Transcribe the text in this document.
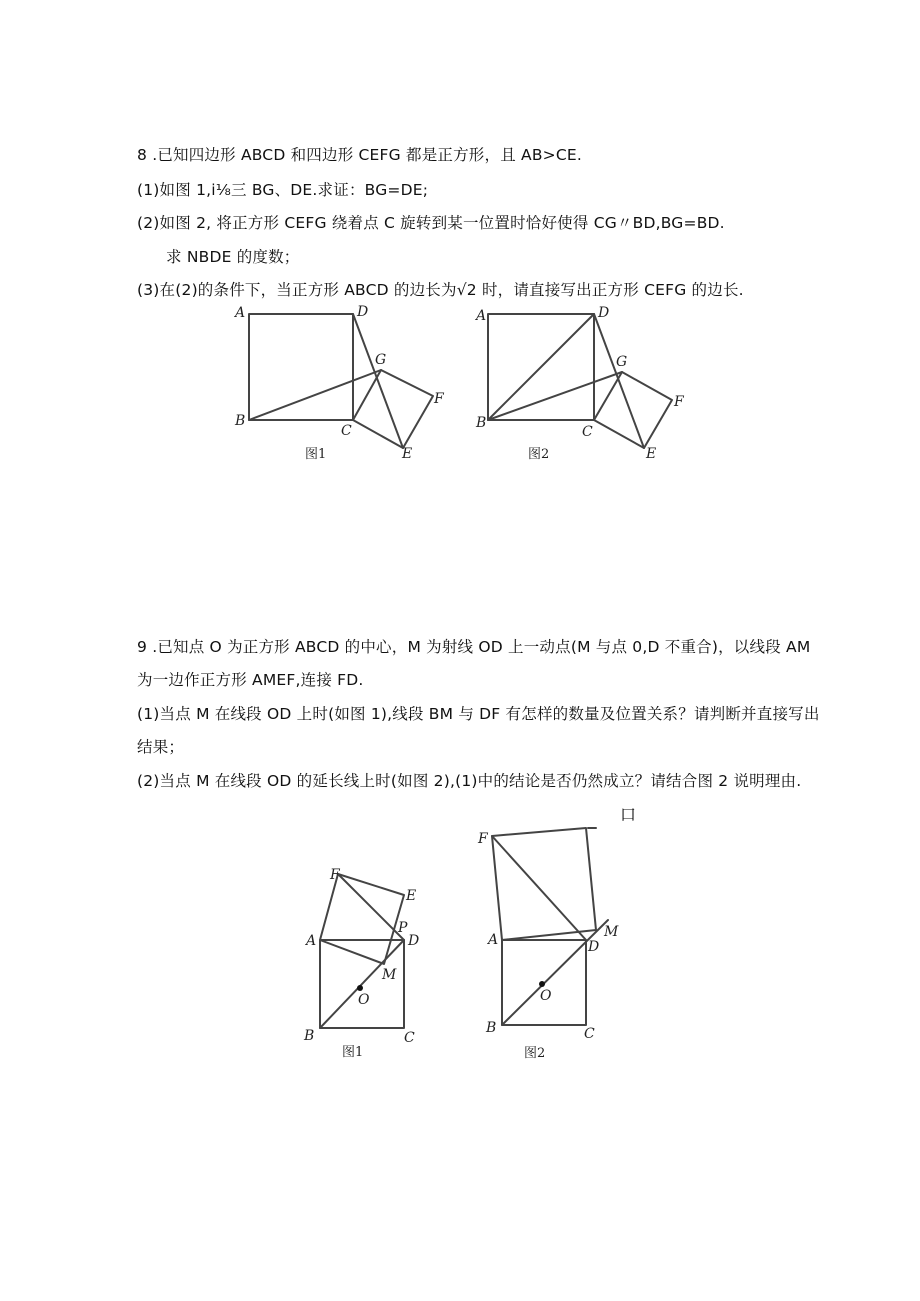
8 .已知四边形 ABCD 和四边形 CEFG 都是正方形，且 AB>CE.
(1)如图 1,i⅛三 BG、DE.求证：BG=DE;
(2)如图 2, 将正方形 CEFG 绕着点 C 旋转到某一位置时恰好使得 CG〃BD,BG=BD.
求 NBDE 的度数；
(3)在(2)的条件下，当正方形 ABCD 的边长为√2 时，请直接写出正方形 CEFG 的边长.
A	D
G
F
B
C
E
图1
A	D
G
F
B
C
E
图2
9 .已知点 O 为正方形 ABCD 的中心，M 为射线 OD 上一动点(M 与点 0,D 不重合)，以线段 AM
为一边作正方形 AMEF,连接 FD.
(1)当点 M 在线段 OD 上时(如图 1),线段 BM 与 DF 有怎样的数量及位置关系？请判断并直接写出
结果；
(2)当点 M 在线段 OD 的延长线上时(如图 2),(1)中的结论是否仍然成立？请结合图 2 说明理由.
口
F
E
P
A	D
M
O
B	C
图1
F
A	D
M
O
B	C
图2
